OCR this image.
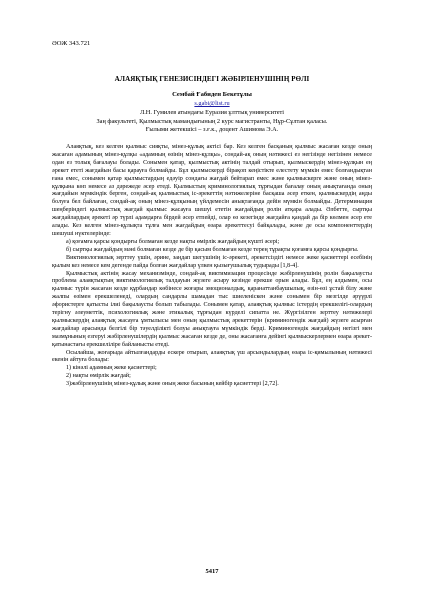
ӘОЖ 343.721
АЛАЯҚТЫҚ ГЕНЕЗИСІНДЕГІ ЖӘБІРЛЕНУШІНІҢ РӨЛІ
Сембай Ғабиден Бекетұлы
s.gabi@list.ru
Л.Н. Гумилев атындағы Еуразия ұлттық университеті
Заң факультеті, Қылмыстық мамандығының 2 курс магистранты, Нұр-Сұлтан қаласы.
Ғылыми жетекшісі – з.ғ.к., доцент Ашимова Э.А.

Алаяқтық, кез келген қылмыс сияқты, мінез-құлық актісі бар. Кез келген басқаның қылмыс жасаған кезде оның жасаған адамының мінез-құлқы «адамның өзінің мінез-құлқы», сондай-ақ оның нәтижесі ез негізінде негізінен немесе одан ез толық бағалауы болады. Сонымен қатар, қылмыстық актінің талдай отырып, қылмыскердің мінез-құлқын ең әрекет ететі жағдайын басы қарауға болмайды. Бұл қылмыскерді бірақоп кеңістікте елестету мүмкін емес болғандықтан ғана емес, сонымен қатар қылмыстардың едәуір сондағы жағдай бейтарап емес және қылмыскерге және оның мінез-құлқына көп немесе аз дәрежеде әсер етеді. Қылмыстың криминологиялық тұрғыдан бағалау оның анықтағанда оның жағдайын мүмкіндік берген, сондай-ақ қылмыстық іс-әрекеттің нәтижелеріне басқаша әсер еткен, қылмыскердің аңды болуға бел байлаған, сондай-ақ оның мінез-құлқының үйлдемесін анықтағанда дейін мүмкін болмайды. Детерминация шеңберіндегі қылмыстық жағдай қылмыс жасауға шешуі ететін жағдайдың ролін атқара алады. Әлбетте, сыртқы жағдайлардың әрекеті әр түрлі адамдарға бірдей әсер етпейді, олар өз кезегінде жағдайға қандай да бір көлмен әсер ете алады. Кез келген мінез-құлықта тұлға мен жағдайдың өзара әрекеттесуі байқалады, және де осы компоненттердің шешуші нүктелерінде:

а) қоғамға қарсы қондырғы болмаған кезде нақты өмірлік жағдайдың күшті әсері;

б) сыртқы жағдайдың мәні болмаған кезде де бір қасым болмаған кезде терең тұрақты қоғамға қарсы қондырғы.

Виктимологиялық зерттеу үшін, әрине, заңдап шегушінің іс-әрекеті, әрекетсіздігі немесе жеке қасиеттері есебінің қылым кез немесе кем дегенде пайда болған жағдайлар үлкен қызығушылық тудырады [1,8-4].

Қылмыстық актінің жасау механизмінде, сондай-ақ виктимизация процесінде жәбірленушінің ролін бақылаусты проблема алаяқтықтың виктимологиялық талдауын жүзеге асыру кезінде ерекше орын алады. Бұл, ең алдымен, осы қылмыс түрін жасаған кезде құрбандар көбінесе жоғары эмоционалдық, қаранаттанбаушылық, өзін-өзі ұстай білу және жалпы өзімен ерекшеленеді, олардың сандарлы шамадан тыс шиеленіскен және сонымен бір мезгілде әрүүрлі әфористерге қатысты ілиі бақылаусты болып табылады. Сонымен қатар, алаяқтық қылмыс істердің ерекшелігі-олардың терігну әлеуметтік, психологиялық және этикалық тұрғыдан күрделі сипатта не. Жүргізілген зерттеу нәтижелері қылмыскердің алаяқтық жасауға ұмтылысы мен оның қылмыстық әрекеттерін (криминогендік жағдай) жүзеге асырған жағдайлар арасында белгілі бір тәуелділікті болуы анықтауға мүмкіндік берді. Криминогендік жағдайдың негізгі мен мазмұнының езгеруі жәбірленушілердің қылмыс жасаған кезде де, оны жасағанға дейінгі қылмыскерлермен өзара әрекет-қатынастағы ерекшеліліре байланысты етеді.

Осылайша, жоғарыда айтылғандарды ескере отырып, алаяқтық үш арсындылардың өзара іс-қимылының нәтижесі екенін айтуға болады:

1) кінәлі адамның жеке қасиеттері;

2) нақты өмірлік жағдай;

3)жәбірленушінің мінез-құлық және оның жеке басының кейбір қасиеттері [2,72].

5417
